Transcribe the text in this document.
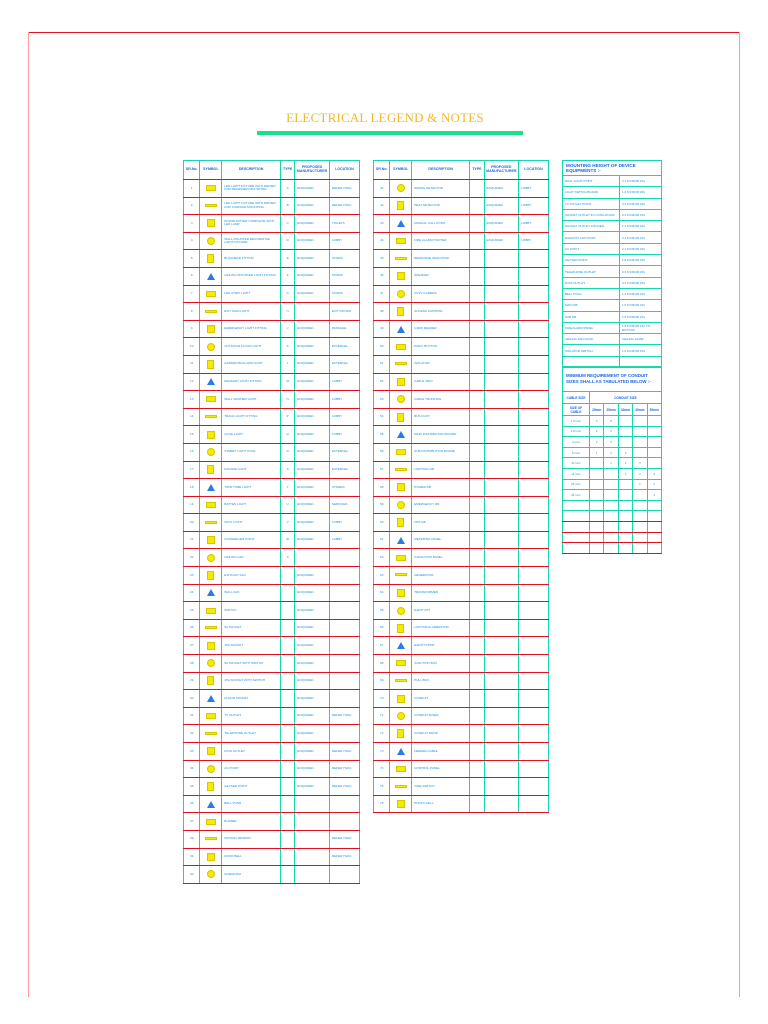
ELECTRICAL LEGEND & NOTES
SR.No.	SYMBOL	DESCRIPTION	TYPE	PROPOSED MANUFACTURER	LOCATION
1		LED LIGHT FIXTURE WITH DRIVER FOR RECESSED MOUNTING	A	ENQUIRED	REFER HVAC
2		LED LIGHT FIXTURE WITH DRIVER FOR SURFACE MOUNTING	B	ENQUIRED	REFER HVAC
3		DOWNLIGHTER COMPLETE WITH LED LAMP	C	ENQUIRED	TOILETS
4		WALL MOUNTED DECORATIVE LIGHT FIXTURE	D	ENQUIRED	LOBBY
5		BULKHEAD FITTING	E	ENQUIRED	STAIRS
6		CEILING MOUNTED LIGHT FITTING	F	ENQUIRED	STAIRS
7		LED STRIP LIGHT	G	ENQUIRED	STAIRS
8		EXIT SIGN LIGHT	H		EXIT DOORS
9		EMERGENCY LIGHT FITTING	J	ENQUIRED	PASSAGE
10		OUTDOOR FLOOD LIGHT	K	ENQUIRED	EXTERNAL
11		GARDEN BOLLARD LIGHT	L	ENQUIRED	EXTERNAL
12		PENDANT LIGHT FITTING	M	ENQUIRED	LOBBY
13		WALL WASHER LIGHT	N	ENQUIRED	LOBBY
14		TRACK LIGHT FITTING	P	ENQUIRED	LOBBY
15		COVE LIGHT	Q	ENQUIRED	LOBBY
16		STREET LIGHT POLE	R	ENQUIRED	EXTERNAL
17		FACADE LIGHT	S	ENQUIRED	EXTERNAL
18		TWIN TUBE LIGHT	T	ENQUIRED	STORES
19		BATTEN LIGHT	U	ENQUIRED	SERVICES
20		SPOT LIGHT	V	ENQUIRED	LOBBY
21		CHANDELIER POINT	W	ENQUIRED	LOBBY
22		CEILING FAN	X		
23		EXHAUST FAN		ENQUIRED	
24		WALL FAN		ENQUIRED	
25		SWITCH		ENQUIRED	
26		5A SOCKET		ENQUIRED	
27		15A SOCKET		ENQUIRED	
28		5A SOCKET WITH SWITCH		ENQUIRED	
29		15A SOCKET WITH SWITCH		ENQUIRED	
30		FLOOR SOCKET		ENQUIRED	
31		TV OUTLET		ENQUIRED	REFER HVAC
32		TELEPHONE OUTLET		ENQUIRED	
33		DATA OUTLET		ENQUIRED	REFER HVAC
34		AC POINT		ENQUIRED	REFER HVAC
35		GEYSER POINT		ENQUIRED	REFER HVAC
36		BELL PUSH			
37		BUZZER			
38		MOTION SENSOR			REFER HVAC
39		DOOR BELL			REFER HVAC
40		INTERCOM			
SR.No.	SYMBOL	DESCRIPTION	TYPE	PROPOSED MANUFACTURER	LOCATION
41		SMOKE DETECTOR		ENQUIRED	LOBBY
42		HEAT DETECTOR		ENQUIRED	LOBBY
43		MANUAL CALL POINT		ENQUIRED	LOBBY
44		FIRE ALARM HOOTER		ENQUIRED	LOBBY
45		RESPONSE INDICATOR			
46		SPEAKER			
47		CCTV CAMERA			
48		ACCESS CONTROL			
49		CARD READER			
50		PANIC BUTTON			
51		ISOLATOR			
52		CABLE TRAY			
53		CABLE TRUNKING			
54		BUS DUCT			
55		MAIN DISTRIBUTION BOARD			
56		SUB DISTRIBUTION BOARD			
57		LIGHTING DB			
58		POWER DB			
59		EMERGENCY DB			
60		UPS DB			
61		METERING PANEL			
62		CAPACITOR PANEL			
63		GENERATOR			
64		TRANSFORMER			
65		EARTH PIT			
66		LIGHTNING ARRESTOR			
67		EARTH STRIP			
68		JUNCTION BOX			
69		PULL BOX			
70		CONDUIT			
71		CONDUIT RISER			
72		CONDUIT DROP			
73		FEEDER CABLE			
74		CONTROL PANEL			
75		TIME SWITCH			
76		PHOTO CELL			
MOUNTING HEIGHT OF DEVICE EQUIPMENTS :-	
WALL LIGHT POINT	2.1 M FROM FFL
LIGHT SWITCH BOARD	1.2 M FROM FFL
TV OUTLET POINT	0.3 M FROM FFL
SOCKET OUTLET IN LIVING ROOM	0.3 M FROM FFL
SOCKET OUTLET KITCHEN	1.1 M FROM FFL
EXHAUST FAN POINT	2.4 M FROM FFL
AC POINT	2.1 M FROM FFL
GEYSER POINT	1.8 M FROM FFL
TELEPHONE OUTLET	0.3 M FROM FFL
DATA OUTLET	0.3 M FROM FFL
BELL PUSH	1.2 M FROM FFL
MAIN DB	1.5 M FROM FFL
SUB DB	1.5 M FROM FFL
FIRE ALARM PANEL	1.5 M FROM FFL TO BOTTOM
CEILING FAN HOOK	CEILING LEVEL
ISOLATOR SWITCH	1.2 M FROM FFL

MINIMUM REQUIREMENT OF CONDUIT SIZES SHALL AS TABULATED BELOW :-					
CABLE SIZE	CONDUIT SIZE				
SIZE OF CABLE	20mm	25mm	32mm	40mm	50mm
1.5 mm²	3	5			
2.5 mm²	2	4			
4 mm²	2	3			
6 mm²	1	2	3		
10 mm²		1	2	3	
16 mm²			1	2	3
25 mm²				1	2
35 mm²					1
